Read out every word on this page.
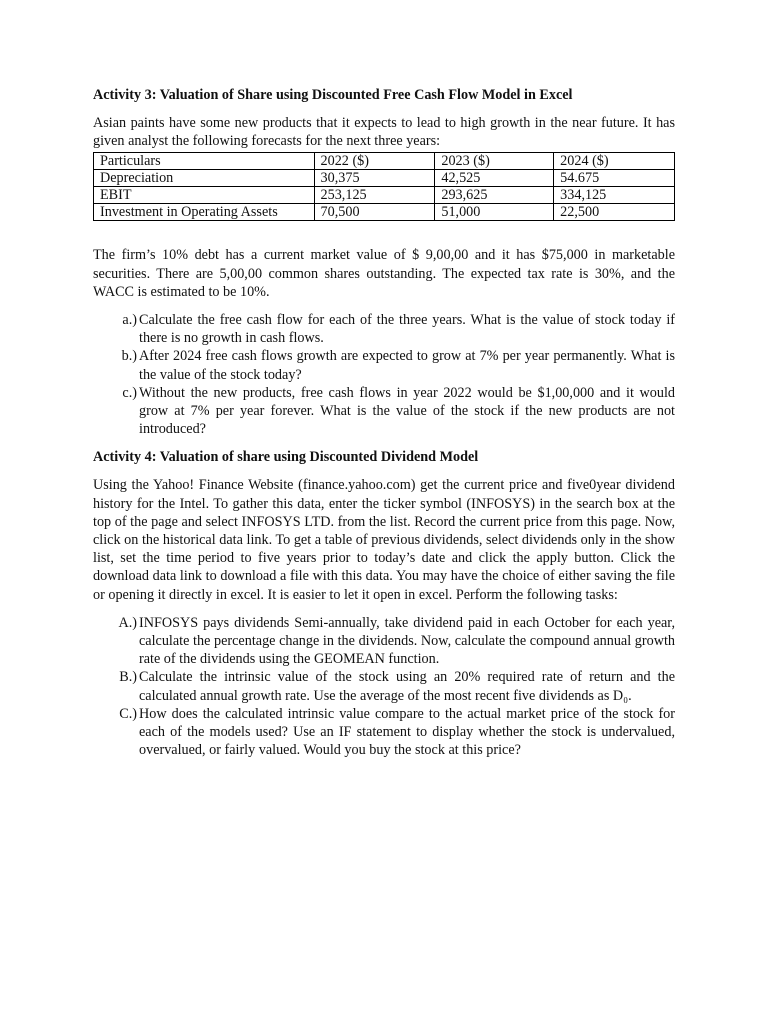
Activity 3: Valuation of Share using Discounted Free Cash Flow Model in Excel

Asian paints have some new products that it expects to lead to high growth in the near future. It has given analyst the following forecasts for the next three years:

Particulars	2022 ($)	2023 ($)	2024 ($)
Depreciation	30,375	42,525	54.675
EBIT	253,125	293,625	334,125
Investment in Operating Assets	70,500	51,000	22,500

The firm’s 10% debt has a current market value of $ 9,00,00 and it has $75,000 in marketable securities. There are 5,00,00 common shares outstanding. The expected tax rate is 30%, and the WACC is estimated to be 10%.

a.) Calculate the free cash flow for each of the three years. What is the value of stock today if there is no growth in cash flows.
b.) After 2024 free cash flows growth are expected to grow at 7% per year permanently. What is the value of the stock today?
c.) Without the new products, free cash flows in year 2022 would be $1,00,000 and it would grow at 7% per year forever. What is the value of the stock if the new products are not introduced?
Activity 4: Valuation of share using Discounted Dividend Model

Using the Yahoo! Finance Website (finance.yahoo.com) get the current price and five0year dividend history for the Intel. To gather this data, enter the ticker symbol (INFOSYS) in the search box at the top of the page and select INFOSYS LTD. from the list. Record the current price from this page. Now, click on the historical data link. To get a table of previous dividends, select dividends only in the show list, set the time period to five years prior to today’s date and click the apply button. Click the download data link to download a file with this data. You may have the choice of either saving the file or opening it directly in excel. It is easier to let it open in excel. Perform the following tasks:

A.) INFOSYS pays dividends Semi-annually, take dividend paid in each October for each year, calculate the percentage change in the dividends. Now, calculate the compound annual growth rate of the dividends using the GEOMEAN function.
B.) Calculate the intrinsic value of the stock using an 20% required rate of return and the calculated annual growth rate. Use the average of the most recent five dividends as D₀.
C.) How does the calculated intrinsic value compare to the actual market price of the stock for each of the models used? Use an IF statement to display whether the stock is undervalued, overvalued, or fairly valued. Would you buy the stock at this price?
